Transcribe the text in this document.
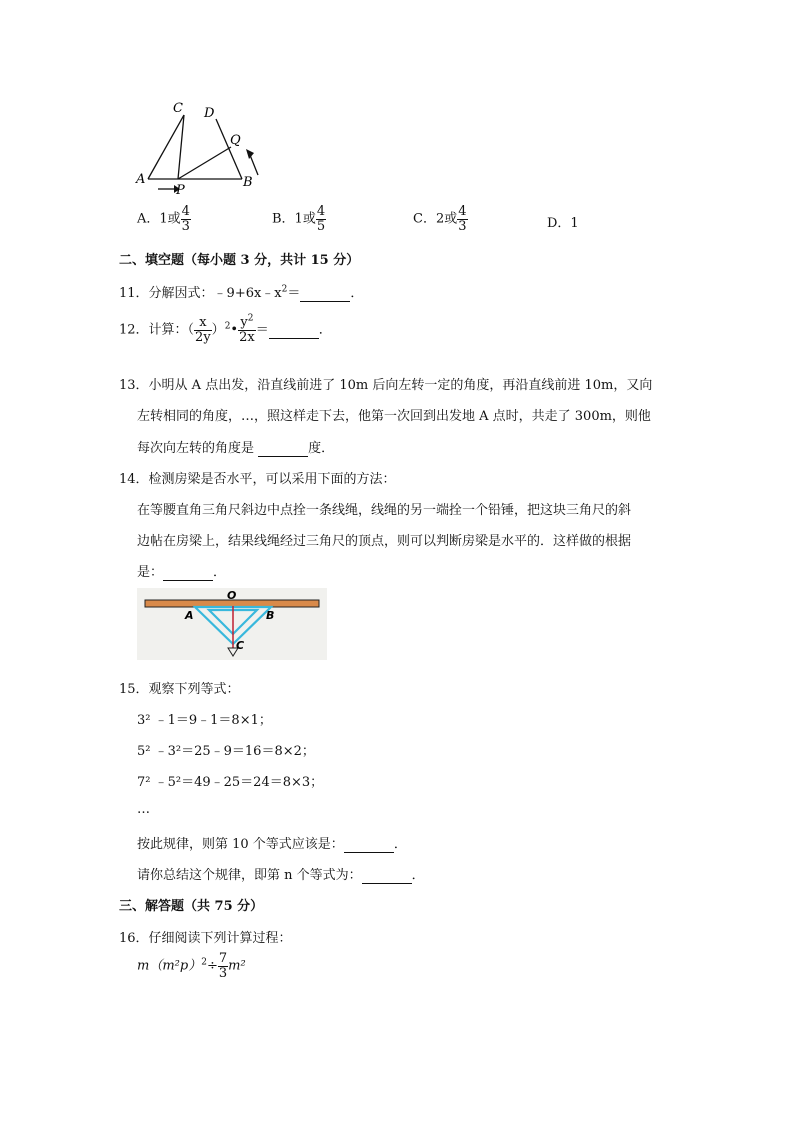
C D
Q
A
P
B
A．1或 $\frac{4}{3}$	B．1或 $\frac{4}{5}$	C．2或 $\frac{4}{3}$	D．1
二、填空题（每小题 3 分，共计 15 分）
11．分解因式：$﹣9+6x﹣x^2=$	．
12．计算：（ $\frac{x}{2y}$ ）$^2$• $\frac{y^2}{2x}$ ＝	．
13．小明从 A 点出发，沿直线前进了 10m 后向左转一定的角度，再沿直线前进 10m，又向
左转相同的角度，…，照这样走下去，他第一次回到出发地 A 点时，共走了 300m，则他
每次向左转的角度是	度．
14．检测房梁是否水平，可以采用下面的方法：
在等腰直角三角尺斜边中点拴一条线绳，线绳的另一端拴一个铅锤，把这块三角尺的斜
边帖在房梁上，结果线绳经过三角尺的顶点，则可以判断房梁是水平的．这样做的根据
是：	．
O
A	B
C
15．观察下列等式：
3² ﹣1＝9﹣1＝8×1；
5² ﹣3²＝25﹣9＝16＝8×2；
7² ﹣5²＝49﹣25＝24＝8×3；
…
按此规律，则第 10 个等式应该是：	．
请你总结这个规律，即第 n 个等式为：	．
三、解答题（共 75 分）
16．仔细阅读下列计算过程：
$m(m^2p)^2\div \frac{7}{3} m^2$
